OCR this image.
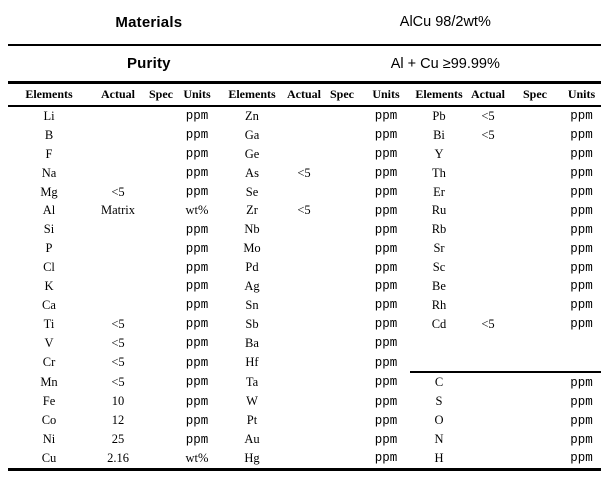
Materials	AlCu 98/2wt%
Purity	Al + Cu ≥99.99%
Elements	Actual	Spec	Units	Elements	Actual	Spec	Units	Elements	Actual	Spec	Units
Li			ppm	Zn			ppm	Pb	<5		ppm
B			ppm	Ga			ppm	Bi	<5		ppm
F			ppm	Ge			ppm	Y			ppm
Na			ppm	As	<5		ppm	Th			ppm
Mg	<5		ppm	Se			ppm	Er			ppm
Al	Matrix		wt%	Zr	<5		ppm	Ru			ppm
Si			ppm	Nb			ppm	Rb			ppm
P			ppm	Mo			ppm	Sr			ppm
Cl			ppm	Pd			ppm	Sc			ppm
K			ppm	Ag			ppm	Be			ppm
Ca			ppm	Sn			ppm	Rh			ppm
Ti	<5		ppm	Sb			ppm	Cd	<5		ppm
V	<5		ppm	Ba			ppm				
Cr	<5		ppm	Hf			ppm				
Mn	<5		ppm	Ta			ppm	C			ppm
Fe	10		ppm	W			ppm	S			ppm
Co	12		ppm	Pt			ppm	O			ppm
Ni	25		ppm	Au			ppm	N			ppm
Cu	2.16		wt%	Hg			ppm	H			ppm
